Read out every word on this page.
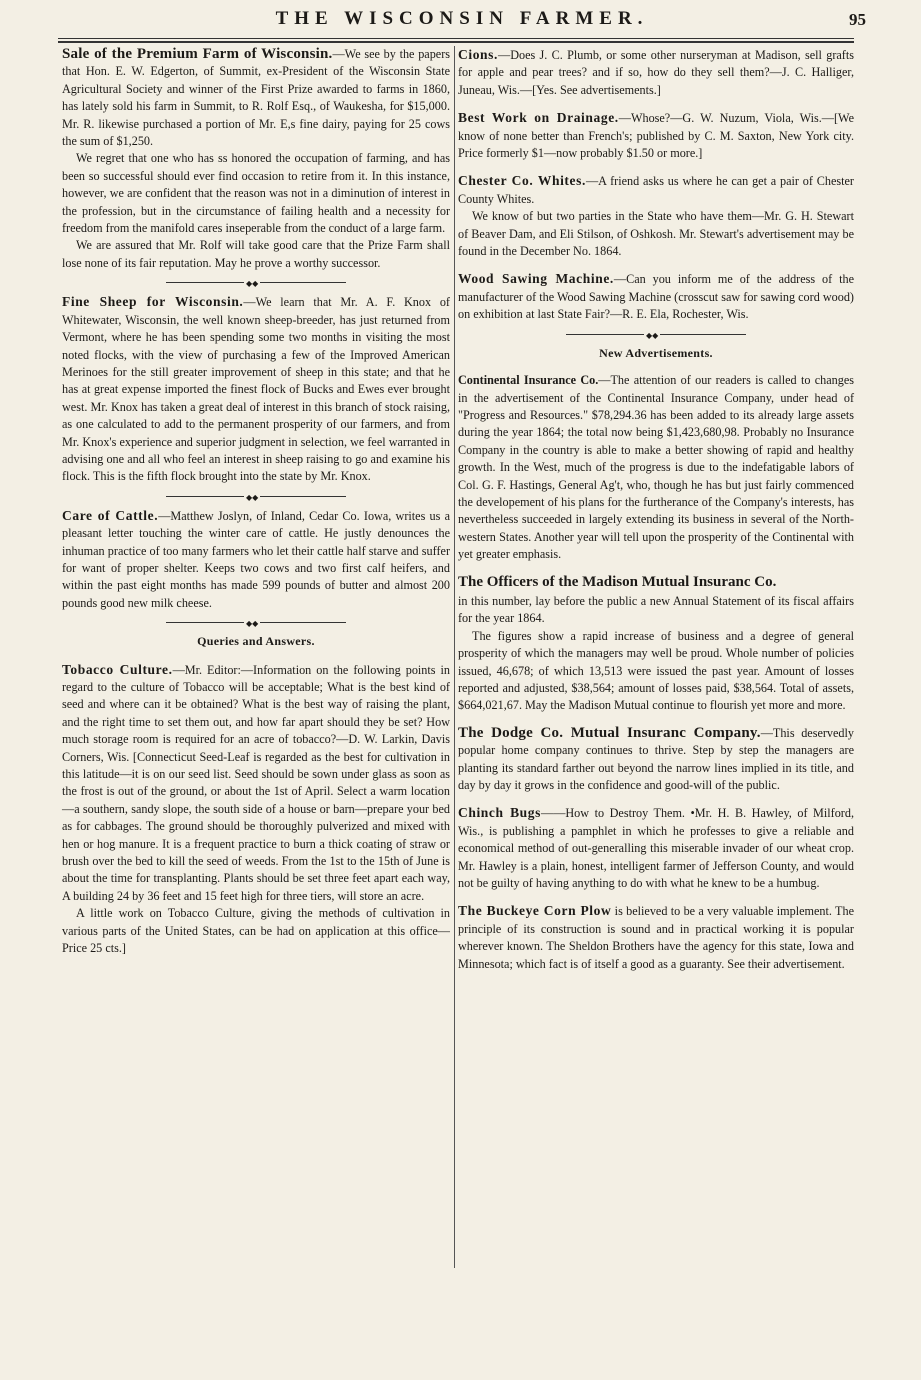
THE WISCONSIN FARMER.	95

Sale of the Premium Farm of Wisconsin.—We see by the papers that Hon. E. W. Edgerton, of Summit, ex-President of the Wisconsin State Agricultural Society and winner of the First Prize awarded to farms in 1860, has lately sold his farm in Summit, to R. Rolf Esq., of Waukesha, for $15,000. Mr. R. likewise purchased a portion of Mr. E,s fine dairy, paying for 25 cows the sum of $1,250.

We regret that one who has ss honored the occupation of farming, and has been so successful should ever find occasion to retire from it. In this instance, however, we are confident that the reason was not in a diminution of interest in the profession, but in the circumstance of failing health and a necessity for freedom from the manifold cares inseperable from the conduct of a large farm.

We are assured that Mr. Rolf will take good care that the Prize Farm shall lose none of its fair reputation. May he prove a worthy successor.

◆◆

Fine Sheep for Wisconsin.—We learn that Mr. A. F. Knox of Whitewater, Wisconsin, the well known sheep-breeder, has just returned from Vermont, where he has been spending some two months in visiting the most noted flocks, with the view of purchasing a few of the Improved American Merinoes for the still greater improvement of sheep in this state; and that he has at great expense imported the finest flock of Bucks and Ewes ever brought west. Mr. Knox has taken a great deal of interest in this branch of stock raising, as one calculated to add to the permanent prosperity of our farmers, and from Mr. Knox's experience and superior judgment in selection, we feel warranted in advising one and all who feel an interest in sheep raising to go and examine his flock. This is the fifth flock brought into the state by Mr. Knox.

◆◆

Care of Cattle.—Matthew Joslyn, of Inland, Cedar Co. Iowa, writes us a pleasant letter touching the winter care of cattle. He justly denounces the inhuman practice of too many farmers who let their cattle half starve and suffer for want of proper shelter. Keeps two cows and two first calf heifers, and within the past eight months has made 599 pounds of butter and almost 200 pounds good new milk cheese.

◆◆
Queries and Answers.

Tobacco Culture.—Mr. Editor:—Information on the following points in regard to the culture of Tobacco will be acceptable; What is the best kind of seed and where can it be obtained? What is the best way of raising the plant, and the right time to set them out, and how far apart should they be set? How much storage room is required for an acre of tobacco?—D. W. Larkin, Davis Corners, Wis. [Connecticut Seed-Leaf is regarded as the best for cultivation in this latitude—it is on our seed list. Seed should be sown under glass as soon as the frost is out of the ground, or about the 1st of April. Select a warm location—a southern, sandy slope, the south side of a house or barn—prepare your bed as for cabbages. The ground should be thoroughly pulverized and mixed with hen or hog manure. It is a frequent practice to burn a thick coating of straw or brush over the bed to kill the seed of weeds. From the 1st to the 15th of June is about the time for transplanting. Plants should be set three feet apart each way, A building 24 by 36 feet and 15 feet high for three tiers, will store an acre.

A little work on Tobacco Culture, giving the methods of cultivation in various parts of the United States, can be had on application at this office—Price 25 cts.]

Cions.—Does J. C. Plumb, or some other nurseryman at Madison, sell grafts for apple and pear trees? and if so, how do they sell them?—J. C. Halliger, Juneau, Wis.—[Yes. See advertisements.]

Best Work on Drainage.—Whose?—G. W. Nuzum, Viola, Wis.—[We know of none better than French's; published by C. M. Saxton, New York city. Price formerly $1—now probably $1.50 or more.]

Chester Co. Whites.—A friend asks us where he can get a pair of Chester County Whites.

We know of but two parties in the State who have them—Mr. G. H. Stewart of Beaver Dam, and Eli Stilson, of Oshkosh. Mr. Stewart's advertisement may be found in the December No. 1864.

Wood Sawing Machine.—Can you inform me of the address of the manufacturer of the Wood Sawing Machine (crosscut saw for sawing cord wood) on exhibition at last State Fair?—R. E. Ela, Rochester, Wis.

◆◆
New Advertisements.

Continental Insurance Co.—The attention of our readers is called to changes in the advertisement of the Continental Insurance Company, under head of "Progress and Resources." $78,294.36 has been added to its already large assets during the year 1864; the total now being $1,423,680,98. Probably no Insurance Company in the country is able to make a better showing of rapid and healthy growth. In the West, much of the progress is due to the indefatigable labors of Col. G. F. Hastings, General Ag't, who, though he has but just fairly commenced the developement of his plans for the furtherance of the Company's interests, has nevertheless succeeded in largely extending its business in several of the North-western States. Another year will tell upon the prosperity of the Continental with yet greater emphasis.

The Officers of the Madison Mutual Insuranc Co.

in this number, lay before the public a new Annual Statement of its fiscal affairs for the year 1864.

The figures show a rapid increase of business and a degree of general prosperity of which the managers may well be proud. Whole number of policies issued, 46,678; of which 13,513 were issued the past year. Amount of losses reported and adjusted, $38,564; amount of losses paid, $38,564. Total of assets, $664,021,67. May the Madison Mutual continue to flourish yet more and more.

The Dodge Co. Mutual Insuranc Company.—This deservedly popular home company continues to thrive. Step by step the managers are planting its standard farther out beyond the narrow lines implied in its title, and day by day it grows in the confidence and good-will of the public.

Chinch Bugs——How to Destroy Them. •Mr. H. B. Hawley, of Milford, Wis., is publishing a pamphlet in which he professes to give a reliable and economical method of out-generalling this miserable invader of our wheat crop. Mr. Hawley is a plain, honest, intelligent farmer of Jefferson County, and would not be guilty of having anything to do with what he knew to be a humbug.

The Buckeye Corn Plow is believed to be a very valuable implement. The principle of its construction is sound and in practical working it is popular wherever known. The Sheldon Brothers have the agency for this state, Iowa and Minnesota; which fact is of itself a good as a guaranty. See their advertisement.
